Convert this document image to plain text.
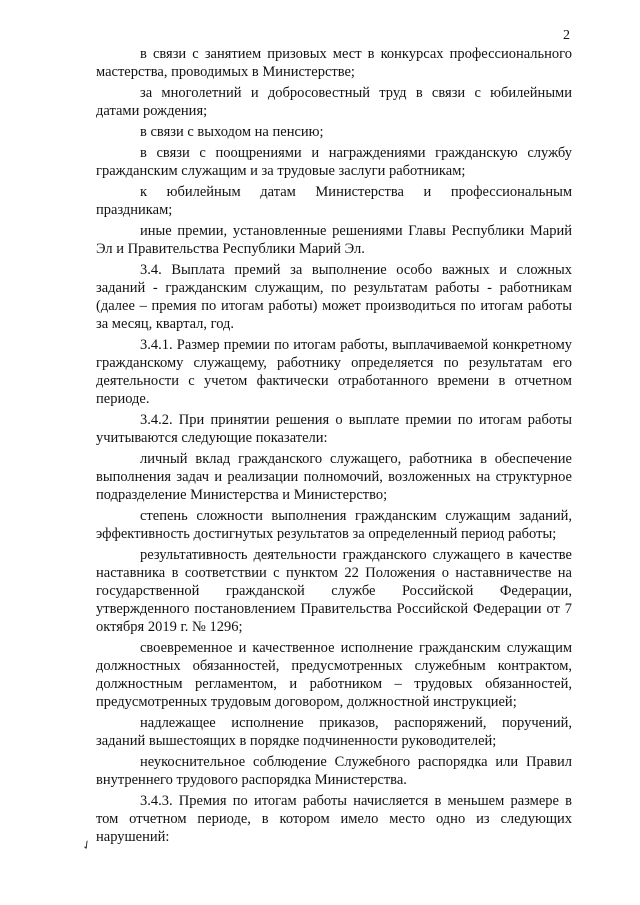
2

в связи с занятием призовых мест в конкурсах профессионального мастерства, проводимых в Министерстве;

за многолетний и добросовестный труд в связи с юбилейными датами рождения;

в связи с выходом на пенсию;

в связи с поощрениями и награждениями гражданскую службу гражданским служащим и за трудовые заслуги работникам;

к юбилейным датам Министерства и профессиональным праздникам;

иные премии, установленные решениями Главы Республики Марий Эл и Правительства Республики Марий Эл.

3.4. Выплата премий за выполнение особо важных и сложных заданий - гражданским служащим, по результатам работы - работникам (далее – премия по итогам работы) может производиться по итогам работы за месяц, квартал, год.

3.4.1. Размер премии по итогам работы, выплачиваемой конкретному гражданскому служащему, работнику определяется по результатам его деятельности с учетом фактически отработанного времени в отчетном периоде.

3.4.2. При принятии решения о выплате премии по итогам работы учитываются следующие показатели:

личный вклад гражданского служащего, работника в обеспечение выполнения задач и реализации полномочий, возложенных на структурное подразделение Министерства и Министерство;

степень сложности выполнения гражданским служащим заданий, эффективность достигнутых результатов за определенный период работы;

результативность деятельности гражданского служащего в качестве наставника в соответствии с пунктом 22 Положения о наставничестве на государственной гражданской службе Российской Федерации, утвержденного постановлением Правительства Российской Федерации от 7 октября 2019 г. № 1296;

своевременное и качественное исполнение гражданским служащим должностных обязанностей, предусмотренных служебным контрактом, должностным регламентом, и работником – трудовых обязанностей, предусмотренных трудовым договором, должностной инструкцией;

надлежащее исполнение приказов, распоряжений, поручений, заданий вышестоящих в порядке подчиненности руководителей;

неукоснительное соблюдение Служебного распорядка или Правил внутреннего трудового распорядка Министерства.

3.4.3. Премия по итогам работы начисляется в меньшем размере в том отчетном периоде, в котором имело место одно из следующих нарушений:

✓
